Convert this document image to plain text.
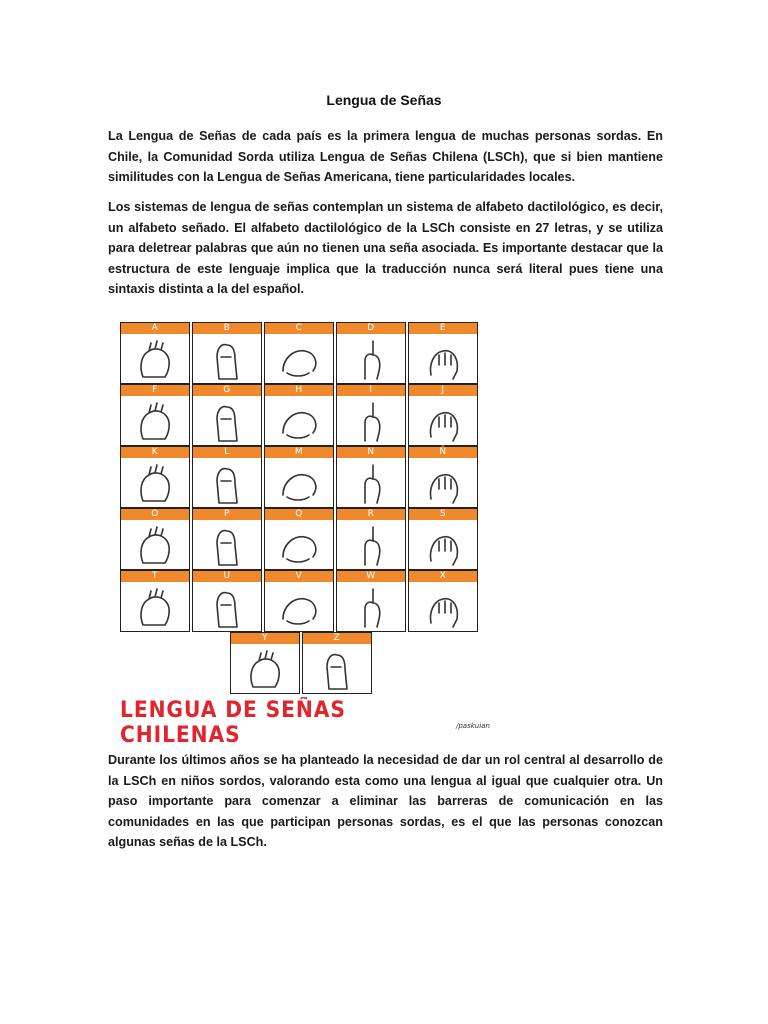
Lengua de Señas

La Lengua de Señas de cada país es la primera lengua de muchas personas sordas. En Chile, la Comunidad Sorda utiliza Lengua de Señas Chilena (LSCh), que si bien mantiene similitudes con la Lengua de Señas Americana, tiene particularidades locales.

Los sistemas de lengua de señas contemplan un sistema de alfabeto dactilológico, es decir, un alfabeto señado. El alfabeto dactilológico de la LSCh consiste en 27 letras, y se utiliza para deletrear palabras que aún no tienen una seña asociada. Es importante destacar que la estructura de este lenguaje implica que la traducción nunca será literal pues tiene una sintaxis distinta a la del español.

A	B	C	D	E
F	G	H	I	J
K	L	M	N	Ñ
O	P	Q	R	S
T	U	V	W	X
Y	Z
LENGUA DE SEÑAS CHILENAS	/paskuian

Durante los últimos años se ha planteado la necesidad de dar un rol central al desarrollo de la LSCh en niños sordos, valorando esta como una lengua al igual que cualquier otra. Un paso importante para comenzar a eliminar las barreras de comunicación en las comunidades en las que participan personas sordas, es el que las personas conozcan algunas señas de la LSCh.
